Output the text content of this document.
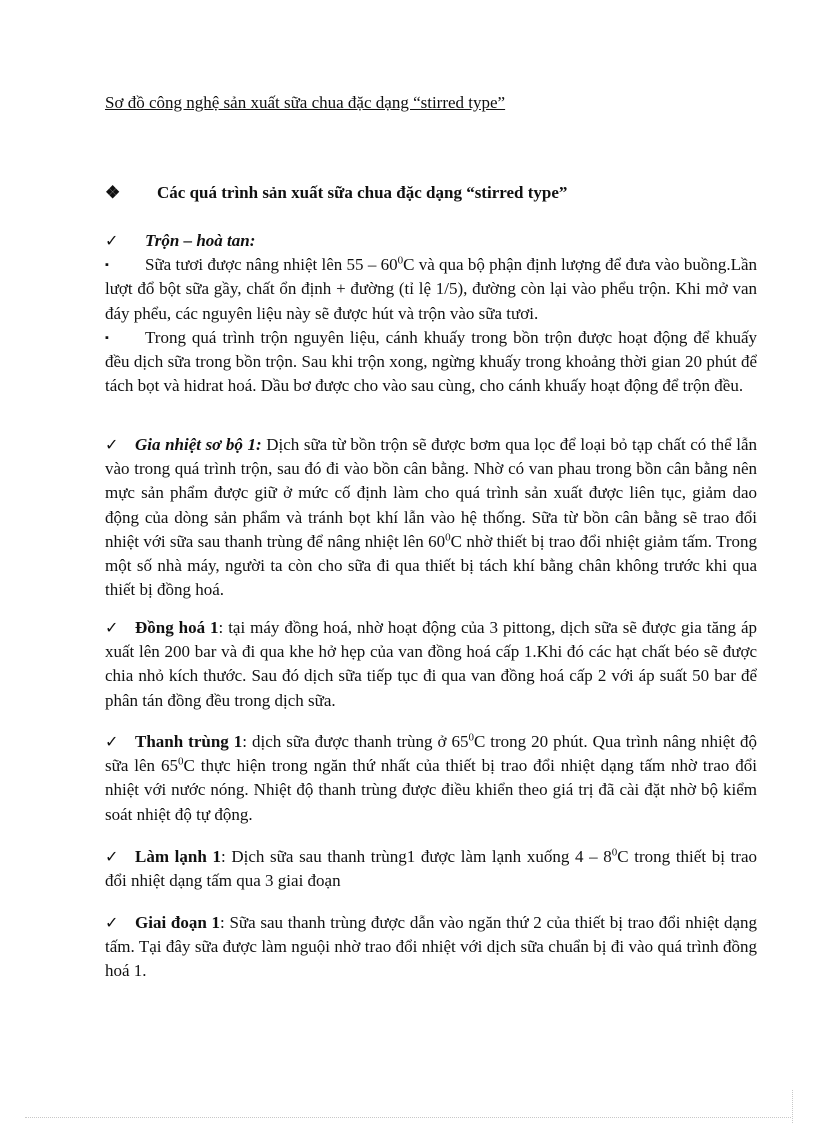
Sơ đồ công nghệ sản xuất sữa chua đặc dạng “stirred type”
❖ Các quá trình sản xuất sữa chua đặc dạng “stirred type”
✓ Trộn – hoà tan:
▪ Sữa tươi được nâng nhiệt lên $55 - 60^0C$ và qua bộ phận định lượng để đưa vào buồng.Lần lượt đổ bột sữa gầy, chất ổn định + đường (tỉ lệ 1/5), đường còn lại vào phểu trộn. Khi mở van đáy phểu, các nguyên liệu này sẽ được hút và trộn vào sữa tươi.
▪ Trong quá trình trộn nguyên liệu, cánh khuấy trong bồn trộn được hoạt động để khuấy đều dịch sữa trong bồn trộn. Sau khi trộn xong, ngừng khuấy trong khoảng thời gian 20 phút để tách bọt và hidrat hoá. Dầu bơ được cho vào sau cùng, cho cánh khuấy hoạt động để trộn đều.
✓ Gia nhiệt sơ bộ 1: Dịch sữa từ bồn trộn sẽ được bơm qua lọc để loại bỏ tạp chất có thể lẫn vào trong quá trình trộn, sau đó đi vào bồn cân bằng. Nhờ có van phau trong bồn cân bằng nên mực sản phẩm được giữ ở mức cố định làm cho quá trình sản xuất được liên tục, giảm dao động của dòng sản phẩm và tránh bọt khí lẫn vào hệ thống. Sữa từ bồn cân bằng sẽ trao đổi nhiệt với sữa sau thanh trùng để nâng nhiệt lên $60^0C$ nhờ thiết bị trao đổi nhiệt giảm tấm. Trong một số nhà máy, người ta còn cho sữa đi qua thiết bị tách khí bằng chân không trước khi qua thiết bị đồng hoá.
✓ Đồng hoá 1: tại máy đồng hoá, nhờ hoạt động của 3 pittong, dịch sữa sẽ được gia tăng áp xuất lên 200 bar và đi qua khe hở hẹp của van đồng hoá cấp 1.Khi đó các hạt chất béo sẽ được chia nhỏ kích thước. Sau đó dịch sữa tiếp tục đi qua van đồng hoá cấp 2 với áp suất 50 bar để phân tán đồng đều trong dịch sữa.
✓ Thanh trùng 1: dịch sữa được thanh trùng ở $65^0C$ trong 20 phút. Qua trình nâng nhiệt độ sữa lên $65^0C$ thực hiện trong ngăn thứ nhất của thiết bị trao đổi nhiệt dạng tấm nhờ trao đổi nhiệt với nước nóng. Nhiệt độ thanh trùng được điều khiển theo giá trị đã cài đặt nhờ bộ kiểm soát nhiệt độ tự động.
✓ Làm lạnh 1: Dịch sữa sau thanh trùng1 được làm lạnh xuống $4 - 8^0C$ trong thiết bị trao đổi nhiệt dạng tấm qua 3 giai đoạn
✓ Giai đoạn 1: Sữa sau thanh trùng được dẫn vào ngăn thứ 2 của thiết bị trao đổi nhiệt dạng tấm. Tại đây sữa được làm nguội nhờ trao đổi nhiệt với dịch sữa chuẩn bị đi vào quá trình đồng hoá 1.
